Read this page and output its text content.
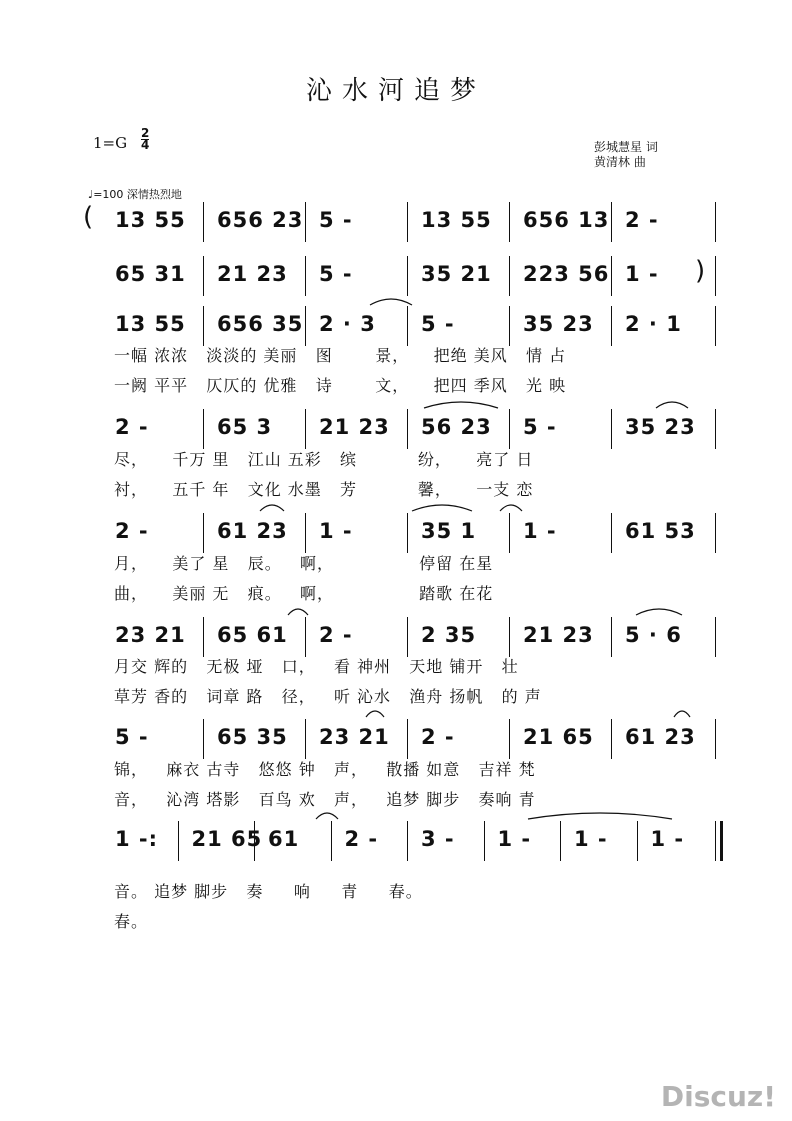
沁水河追梦
1=G
2
4	彭城慧星 词
黄清林 曲
♩=100 深情热烈地
( 13 55 656 23 5 -	13 55 656 13 2 -
65 31 21 23 5 -	35 21 223 56 1 - )
13 55 656 35 2 · 3 5 -	35 23 2 · 1
一幅 浓浓   淡淡的 美丽   图       景，    把绝 美风   情 占
一阙 平平   仄仄的 优雅   诗       文，    把四 季风   光 映
2 -	65 3 21 23 56 23 5 -	35 23
尽，    千万 里   江山 五彩   缤          纷，    亮了 日
衬，    五千 年   文化 水墨   芳          馨，    一支 恋
2 -	61 23 1 -	35 1 1 -	61 53
月，    美了 星   辰。   啊，              停留 在星
曲，    美丽 无   痕。   啊，              踏歌 在花
23 21 65 61 2 -	2 35 21 23 5 · 6
月交 辉的   无极 垭   口，   看 神州   天地 铺开   壮
草芳 香的   词章 路   径，   听 沁水   渔舟 扬帆   的 声
5 -	65 35 23 21 2 -	21 65 61 23
锦，   麻衣 古寺   悠悠 钟   声，   散播 如意   吉祥 梵
音，   沁湾 塔影   百鸟 欢   声，   追梦 脚步   奏响 青
1 -: 21 65 61 2 - 3 - 1 - 1 - 1 -
音。 追梦 脚步   奏     响     青     春。
春。
Discuz!
